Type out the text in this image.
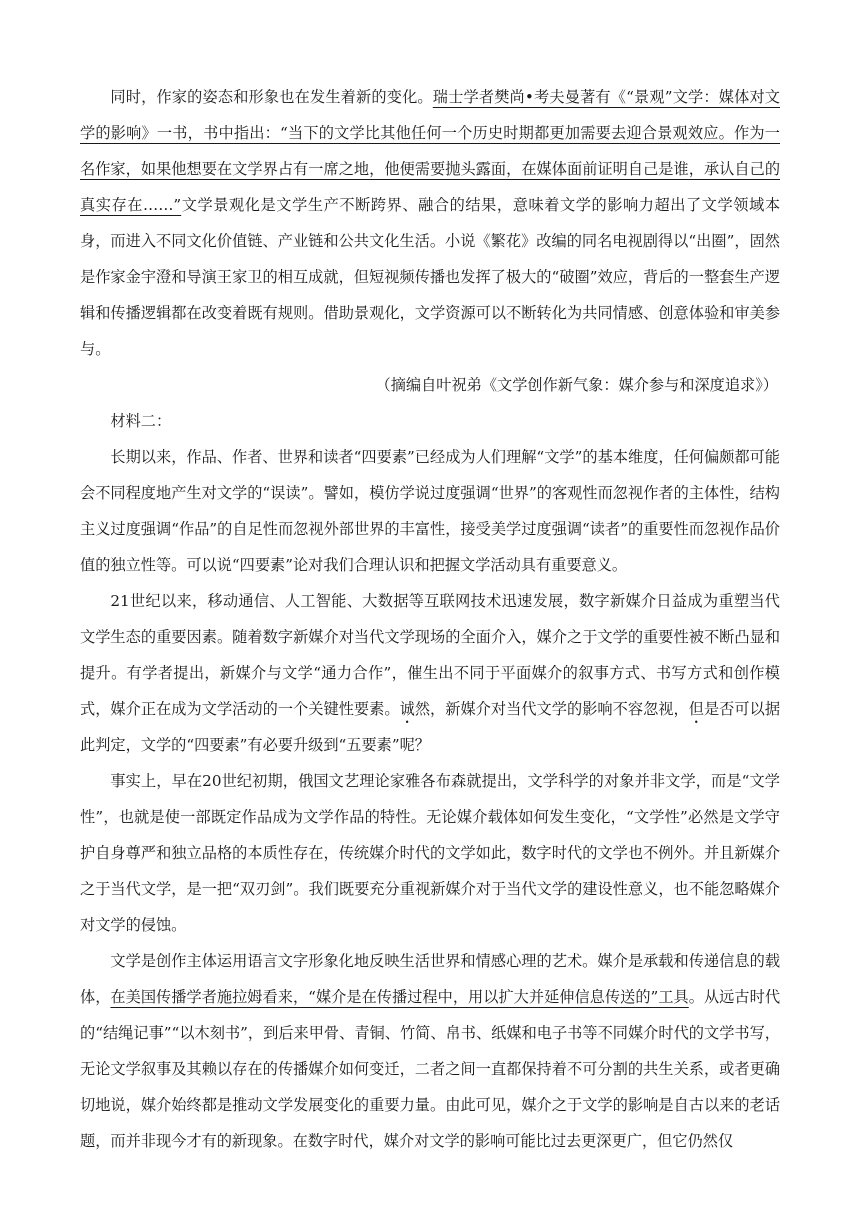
同时，作家的姿态和形象也在发生着新的变化。瑞士学者樊尚•考夫曼著有《“景观”文学：媒体对文学的影响》一书，书中指出：“当下的文学比其他任何一个历史时期都更加需要去迎合景观效应。作为一名作家，如果他想要在文学界占有一席之地，他便需要抛头露面，在媒体面前证明自己是谁，承认自己的真实存在……”文学景观化是文学生产不断跨界、融合的结果，意味着文学的影响力超出了文学领域本身，而进入不同文化价值链、产业链和公共文化生活。小说《繁花》改编的同名电视剧得以“出圈”，固然是作家金宇澄和导演王家卫的相互成就，但短视频传播也发挥了极大的“破圈”效应，背后的一整套生产逻辑和传播逻辑都在改变着既有规则。借助景观化，文学资源可以不断转化为共同情感、创意体验和审美参与。

（摘编自叶祝弟《文学创作新气象：媒介参与和深度追求》）

材料二：

长期以来，作品、作者、世界和读者“四要素”已经成为人们理解“文学”的基本维度，任何偏颇都可能会不同程度地产生对文学的“误读”。譬如，模仿学说过度强调“世界”的客观性而忽视作者的主体性，结构主义过度强调“作品”的自足性而忽视外部世界的丰富性，接受美学过度强调“读者”的重要性而忽视作品价值的独立性等。可以说“四要素”论对我们合理认识和把握文学活动具有重要意义。

21世纪以来，移动通信、人工智能、大数据等互联网技术迅速发展，数字新媒介日益成为重塑当代文学生态的重要因素。随着数字新媒介对当代文学现场的全面介入，媒介之于文学的重要性被不断凸显和提升。有学者提出，新媒介与文学“通力合作”，催生出不同于平面媒介的叙事方式、书写方式和创作模式，媒介正在成为文学活动的一个关键性要素。诚然，新媒介对当代文学的影响不容忽视，但是否可以据此判定，文学的“四要素”有必要升级到“五要素”呢？

事实上，早在20世纪初期，俄国文艺理论家雅各布森就提出，文学科学的对象并非文学，而是“文学性”，也就是使一部既定作品成为文学作品的特性。无论媒介载体如何发生变化，“文学性”必然是文学守护自身尊严和独立品格的本质性存在，传统媒介时代的文学如此，数字时代的文学也不例外。并且新媒介之于当代文学，是一把“双刃剑”。我们既要充分重视新媒介对于当代文学的建设性意义，也不能忽略媒介对文学的侵蚀。

文学是创作主体运用语言文字形象化地反映生活世界和情感心理的艺术。媒介是承载和传递信息的载体，在美国传播学者施拉姆看来，“媒介是在传播过程中，用以扩大并延伸信息传送的”工具。从远古时代的“结绳记事”“以木刻书”，到后来甲骨、青铜、竹简、帛书、纸媒和电子书等不同媒介时代的文学书写，无论文学叙事及其赖以存在的传播媒介如何变迁，二者之间一直都保持着不可分割的共生关系，或者更确切地说，媒介始终都是推动文学发展变化的重要力量。由此可见，媒介之于文学的影响是自古以来的老话题，而并非现今才有的新现象。在数字时代，媒介对文学的影响可能比过去更深更广，但它仍然仅
